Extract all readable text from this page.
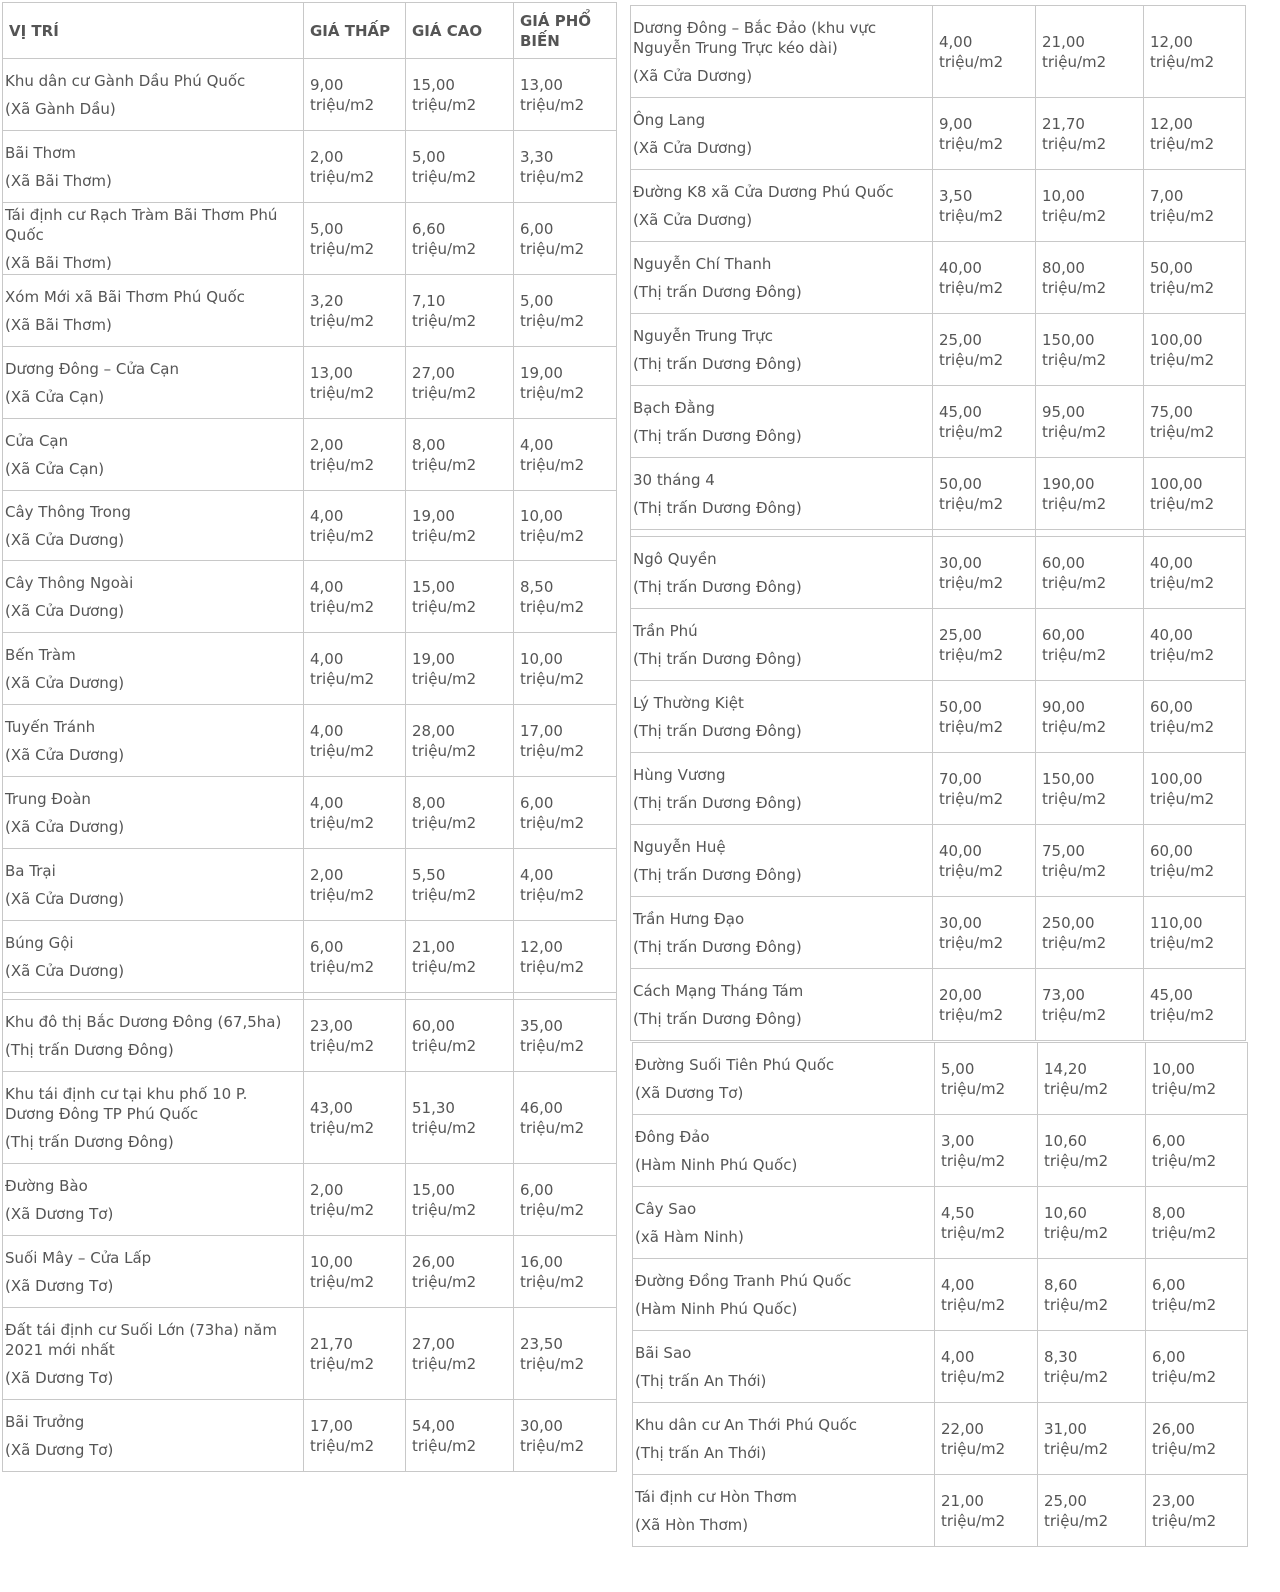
VỊ TRÍ	GIÁ THẤP	GIÁ CAO	GIÁ PHỔ BIẾN

Khu dân cư Gành Dầu Phú Quốc
(Xã Gành Dầu)	9,00 triệu/m2	15,00 triệu/m2	13,00 triệu/m2

Bãi Thơm
(Xã Bãi Thơm)	2,00 triệu/m2	5,00 triệu/m2	3,30 triệu/m2

Tái định cư Rạch Tràm Bãi Thơm Phú Quốc
(Xã Bãi Thơm)	5,00 triệu/m2	6,60 triệu/m2	6,00 triệu/m2

Xóm Mới xã Bãi Thơm Phú Quốc
(Xã Bãi Thơm)	3,20 triệu/m2	7,10 triệu/m2	5,00 triệu/m2

Dương Đông – Cửa Cạn
(Xã Cửa Cạn)	13,00 triệu/m2	27,00 triệu/m2	19,00 triệu/m2

Cửa Cạn
(Xã Cửa Cạn)	2,00 triệu/m2	8,00 triệu/m2	4,00 triệu/m2

Cây Thông Trong
(Xã Cửa Dương)	4,00 triệu/m2	19,00 triệu/m2	10,00 triệu/m2

Cây Thông Ngoài
(Xã Cửa Dương)	4,00 triệu/m2	15,00 triệu/m2	8,50 triệu/m2

Bến Tràm
(Xã Cửa Dương)	4,00 triệu/m2	19,00 triệu/m2	10,00 triệu/m2

Tuyến Tránh
(Xã Cửa Dương)	4,00 triệu/m2	28,00 triệu/m2	17,00 triệu/m2

Trung Đoàn
(Xã Cửa Dương)	4,00 triệu/m2	8,00 triệu/m2	6,00 triệu/m2

Ba Trại
(Xã Cửa Dương)	2,00 triệu/m2	5,50 triệu/m2	4,00 triệu/m2

Búng Gội
(Xã Cửa Dương)	6,00 triệu/m2	21,00 triệu/m2	12,00 triệu/m2

Khu đô thị Bắc Dương Đông (67,5ha)
(Thị trấn Dương Đông)	23,00 triệu/m2	60,00 triệu/m2	35,00 triệu/m2

Khu tái định cư tại khu phố 10 P. Dương Đông TP Phú Quốc
(Thị trấn Dương Đông)	43,00 triệu/m2	51,30 triệu/m2	46,00 triệu/m2

Đường Bào
(Xã Dương Tơ)	2,00 triệu/m2	15,00 triệu/m2	6,00 triệu/m2

Suối Mây – Cửa Lấp
(Xã Dương Tơ)	10,00 triệu/m2	26,00 triệu/m2	16,00 triệu/m2

Đất tái định cư Suối Lớn (73ha) năm 2021 mới nhất
(Xã Dương Tơ)	21,70 triệu/m2	27,00 triệu/m2	23,50 triệu/m2

Bãi Trưởng
(Xã Dương Tơ)	17,00 triệu/m2	54,00 triệu/m2	30,00 triệu/m2
Dương Đông – Bắc Đảo (khu vực Nguyễn Trung Trực kéo dài)
(Xã Cửa Dương)	4,00 triệu/m2	21,00 triệu/m2	12,00 triệu/m2

Ông Lang
(Xã Cửa Dương)	9,00 triệu/m2	21,70 triệu/m2	12,00 triệu/m2

Đường K8 xã Cửa Dương Phú Quốc
(Xã Cửa Dương)	3,50 triệu/m2	10,00 triệu/m2	7,00 triệu/m2

Nguyễn Chí Thanh
(Thị trấn Dương Đông)	40,00 triệu/m2	80,00 triệu/m2	50,00 triệu/m2

Nguyễn Trung Trực
(Thị trấn Dương Đông)	25,00 triệu/m2	150,00 triệu/m2	100,00 triệu/m2

Bạch Đằng
(Thị trấn Dương Đông)	45,00 triệu/m2	95,00 triệu/m2	75,00 triệu/m2

30 tháng 4
(Thị trấn Dương Đông)	50,00 triệu/m2	190,00 triệu/m2	100,00 triệu/m2

Ngô Quyền
(Thị trấn Dương Đông)	30,00 triệu/m2	60,00 triệu/m2	40,00 triệu/m2

Trần Phú
(Thị trấn Dương Đông)	25,00 triệu/m2	60,00 triệu/m2	40,00 triệu/m2

Lý Thường Kiệt
(Thị trấn Dương Đông)	50,00 triệu/m2	90,00 triệu/m2	60,00 triệu/m2

Hùng Vương
(Thị trấn Dương Đông)	70,00 triệu/m2	150,00 triệu/m2	100,00 triệu/m2

Nguyễn Huệ
(Thị trấn Dương Đông)	40,00 triệu/m2	75,00 triệu/m2	60,00 triệu/m2

Trần Hưng Đạo
(Thị trấn Dương Đông)	30,00 triệu/m2	250,00 triệu/m2	110,00 triệu/m2

Cách Mạng Tháng Tám
(Thị trấn Dương Đông)	20,00 triệu/m2	73,00 triệu/m2	45,00 triệu/m2
Đường Suối Tiên Phú Quốc
(Xã Dương Tơ)	5,00 triệu/m2	14,20 triệu/m2	10,00 triệu/m2

Đông Đảo
(Hàm Ninh Phú Quốc)	3,00 triệu/m2	10,60 triệu/m2	6,00 triệu/m2

Cây Sao
(xã Hàm Ninh)	4,50 triệu/m2	10,60 triệu/m2	8,00 triệu/m2

Đường Đồng Tranh Phú Quốc
(Hàm Ninh Phú Quốc)	4,00 triệu/m2	8,60 triệu/m2	6,00 triệu/m2

Bãi Sao
(Thị trấn An Thới)	4,00 triệu/m2	8,30 triệu/m2	6,00 triệu/m2

Khu dân cư An Thới Phú Quốc
(Thị trấn An Thới)	22,00 triệu/m2	31,00 triệu/m2	26,00 triệu/m2

Tái định cư Hòn Thơm
(Xã Hòn Thơm)	21,00 triệu/m2	25,00 triệu/m2	23,00 triệu/m2
